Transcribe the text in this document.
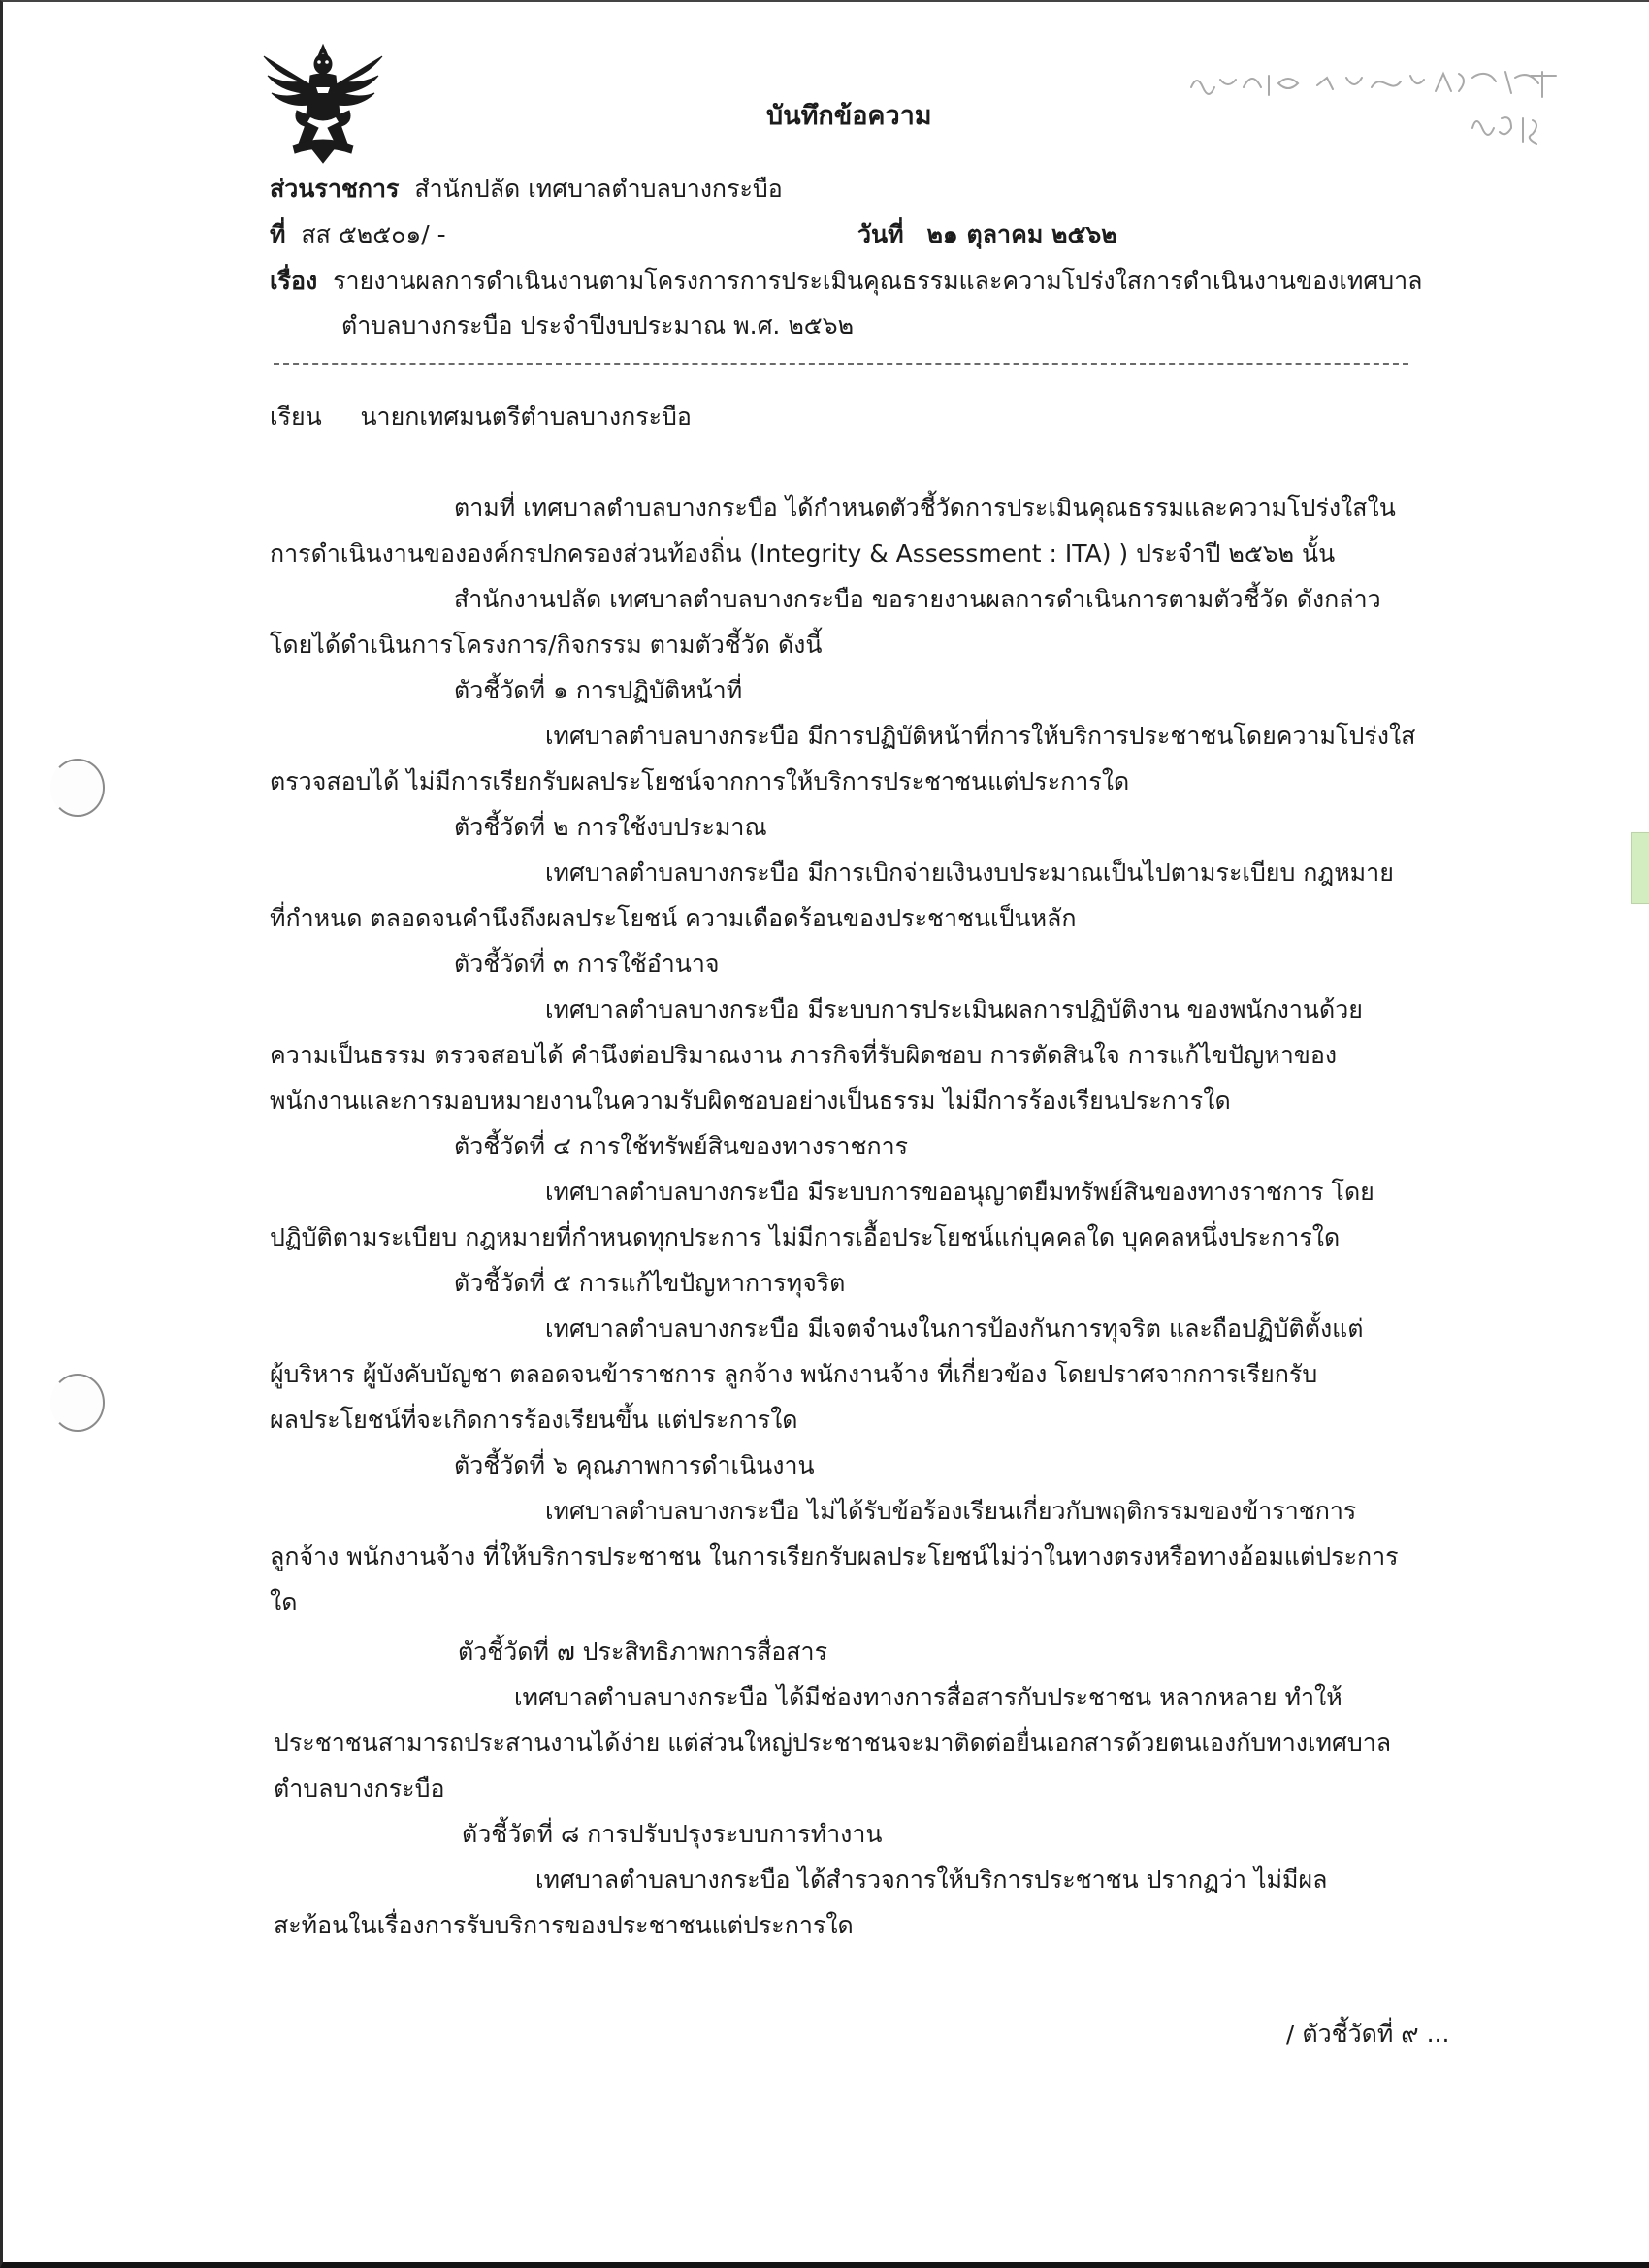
บันทึกข้อความ
ส่วนราชการ สำนักปลัด เทศบาลตำบลบางกระบือ
ที่ สส ๕๒๕๐๑/ -	วันที่ ๒๑ ตุลาคม ๒๕๖๒
เรื่อง รายงานผลการดำเนินงานตามโครงการการประเมินคุณธรรมและความโปร่งใสการดำเนินงานของเทศบาล
ตำบลบางกระบือ ประจำปีงบประมาณ พ.ศ. ๒๕๖๒
เรียน นายกเทศมนตรีตำบลบางกระบือ
ตามที่ เทศบาลตำบลบางกระบือ ได้กำหนดตัวชี้วัดการประเมินคุณธรรมและความโปร่งใสใน
การดำเนินงานขององค์กรปกครองส่วนท้องถิ่น (Integrity & Assessment : ITA) ) ประจำปี ๒๕๖๒ นั้น
สำนักงานปลัด เทศบาลตำบลบางกระบือ ขอรายงานผลการดำเนินการตามตัวชี้วัด ดังกล่าว
โดยได้ดำเนินการโครงการ/กิจกรรม ตามตัวชี้วัด ดังนี้
ตัวชี้วัดที่ ๑ การปฏิบัติหน้าที่
เทศบาลตำบลบางกระบือ มีการปฏิบัติหน้าที่การให้บริการประชาชนโดยความโปร่งใส
ตรวจสอบได้ ไม่มีการเรียกรับผลประโยชน์จากการให้บริการประชาชนแต่ประการใด
ตัวชี้วัดที่ ๒ การใช้งบประมาณ
เทศบาลตำบลบางกระบือ มีการเบิกจ่ายเงินงบประมาณเป็นไปตามระเบียบ กฎหมาย
ที่กำหนด ตลอดจนคำนึงถึงผลประโยชน์ ความเดือดร้อนของประชาชนเป็นหลัก
ตัวชี้วัดที่ ๓ การใช้อำนาจ
เทศบาลตำบลบางกระบือ มีระบบการประเมินผลการปฏิบัติงาน ของพนักงานด้วย
ความเป็นธรรม ตรวจสอบได้ คำนึงต่อปริมาณงาน ภารกิจที่รับผิดชอบ การตัดสินใจ การแก้ไขปัญหาของ
พนักงานและการมอบหมายงานในความรับผิดชอบอย่างเป็นธรรม ไม่มีการร้องเรียนประการใด
ตัวชี้วัดที่ ๔ การใช้ทรัพย์สินของทางราชการ
เทศบาลตำบลบางกระบือ มีระบบการขออนุญาตยืมทรัพย์สินของทางราชการ โดย
ปฏิบัติตามระเบียบ กฎหมายที่กำหนดทุกประการ ไม่มีการเอื้อประโยชน์แก่บุคคลใด บุคคลหนึ่งประการใด
ตัวชี้วัดที่ ๕ การแก้ไขปัญหาการทุจริต
เทศบาลตำบลบางกระบือ มีเจตจำนงในการป้องกันการทุจริต และถือปฏิบัติตั้งแต่
ผู้บริหาร ผู้บังคับบัญชา ตลอดจนข้าราชการ ลูกจ้าง พนักงานจ้าง ที่เกี่ยวข้อง โดยปราศจากการเรียกรับ
ผลประโยชน์ที่จะเกิดการร้องเรียนขึ้น แต่ประการใด
ตัวชี้วัดที่ ๖ คุณภาพการดำเนินงาน
เทศบาลตำบลบางกระบือ ไม่ได้รับข้อร้องเรียนเกี่ยวกับพฤติกรรมของข้าราชการ
ลูกจ้าง พนักงานจ้าง ที่ให้บริการประชาชน ในการเรียกรับผลประโยชน์ไม่ว่าในทางตรงหรือทางอ้อมแต่ประการ
ใด
ตัวชี้วัดที่ ๗ ประสิทธิภาพการสื่อสาร
เทศบาลตำบลบางกระบือ ได้มีช่องทางการสื่อสารกับประชาชน หลากหลาย ทำให้
ประชาชนสามารถประสานงานได้ง่าย แต่ส่วนใหญ่ประชาชนจะมาติดต่อยื่นเอกสารด้วยตนเองกับทางเทศบาล
ตำบลบางกระบือ
ตัวชี้วัดที่ ๘ การปรับปรุงระบบการทำงาน
เทศบาลตำบลบางกระบือ ได้สำรวจการให้บริการประชาชน ปรากฏว่า ไม่มีผล
สะท้อนในเรื่องการรับบริการของประชาชนแต่ประการใด
/ ตัวชี้วัดที่ ๙ ...
